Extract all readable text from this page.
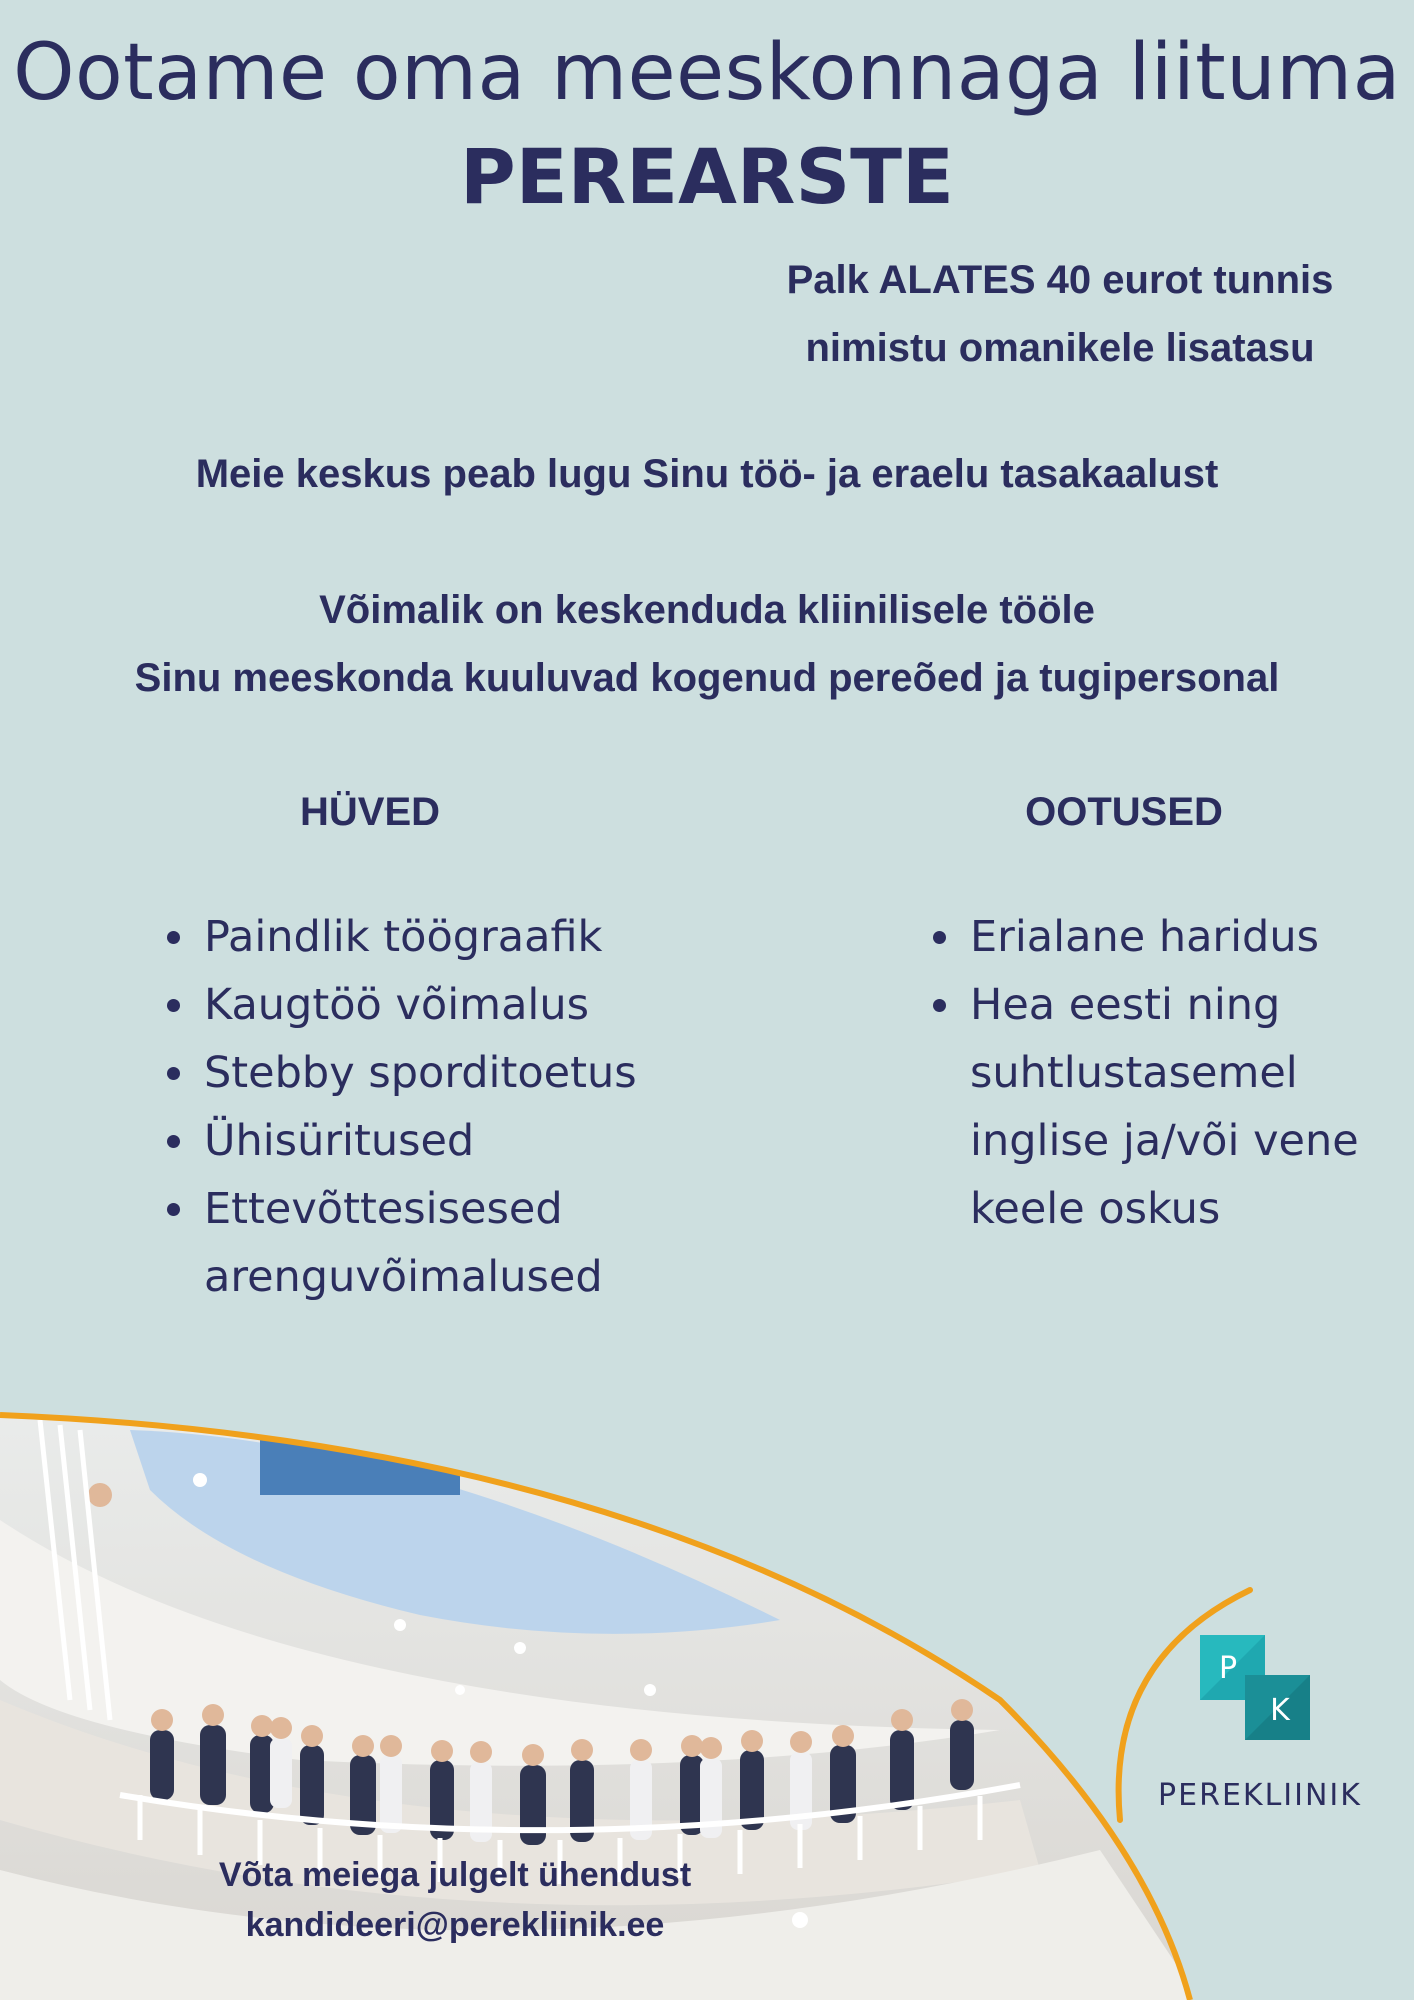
Ootame oma meeskonnaga liituma
PEREARSTE
Palk ALATES 40 eurot tunnis
nimistu omanikele lisatasu
Meie keskus peab lugu Sinu töö- ja eraelu tasakaalust
Võimalik on keskenduda kliinilisele tööle
Sinu meeskonda kuuluvad kogenud pereõed ja tugipersonal
HÜVED	OOTUSED
• Paindlik töögraafik
• Kaugtöö võimalus
• Stebby sporditoetus
• Ühisüritused
• Ettevõttesisesed arenguvõimalused
• Erialane haridus
• Hea eesti ning suhtlustasemel inglise ja/või vene keele oskus
Võta meiega julgelt ühendust
kandideeri@perekliinik.ee
P
K
PEREKLIINIK
